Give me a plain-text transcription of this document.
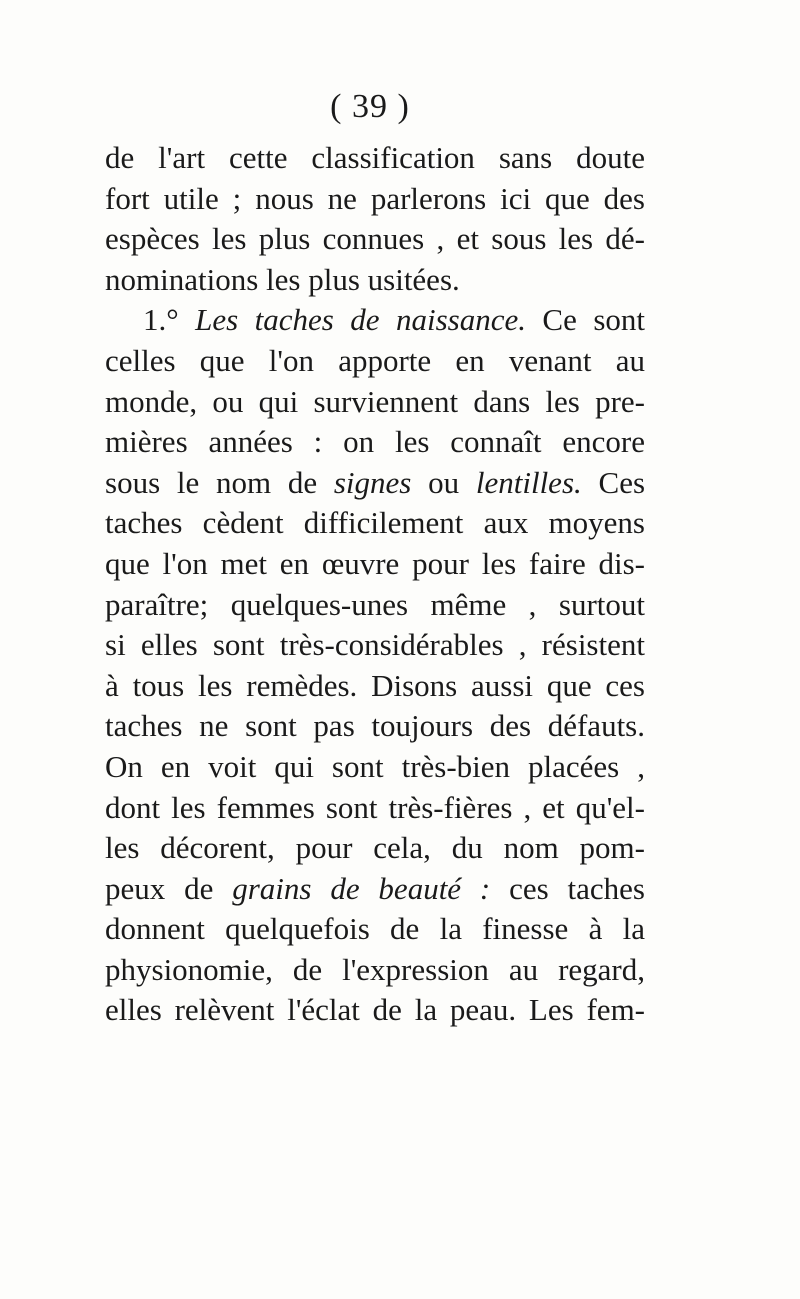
( 39 )
de l'art cette classification sans doute
fort utile ; nous ne parlerons ici que des
espèces les plus connues , et sous les dé-
nominations les plus usitées.
1.° Les taches de naissance. Ce sont
celles que l'on apporte en venant au
monde, ou qui surviennent dans les pre-
mières années : on les connaît encore
sous le nom de signes ou lentilles. Ces
taches cèdent difficilement aux moyens
que l'on met en œuvre pour les faire dis-
paraître; quelques-unes même , surtout
si elles sont très-considérables , résistent
à tous les remèdes. Disons aussi que ces
taches ne sont pas toujours des défauts.
On en voit qui sont très-bien placées ,
dont les femmes sont très-fières , et qu'el-
les décorent, pour cela, du nom pom-
peux de grains de beauté : ces taches
donnent quelquefois de la finesse à la
physionomie, de l'expression au regard,
elles relèvent l'éclat de la peau. Les fem-
